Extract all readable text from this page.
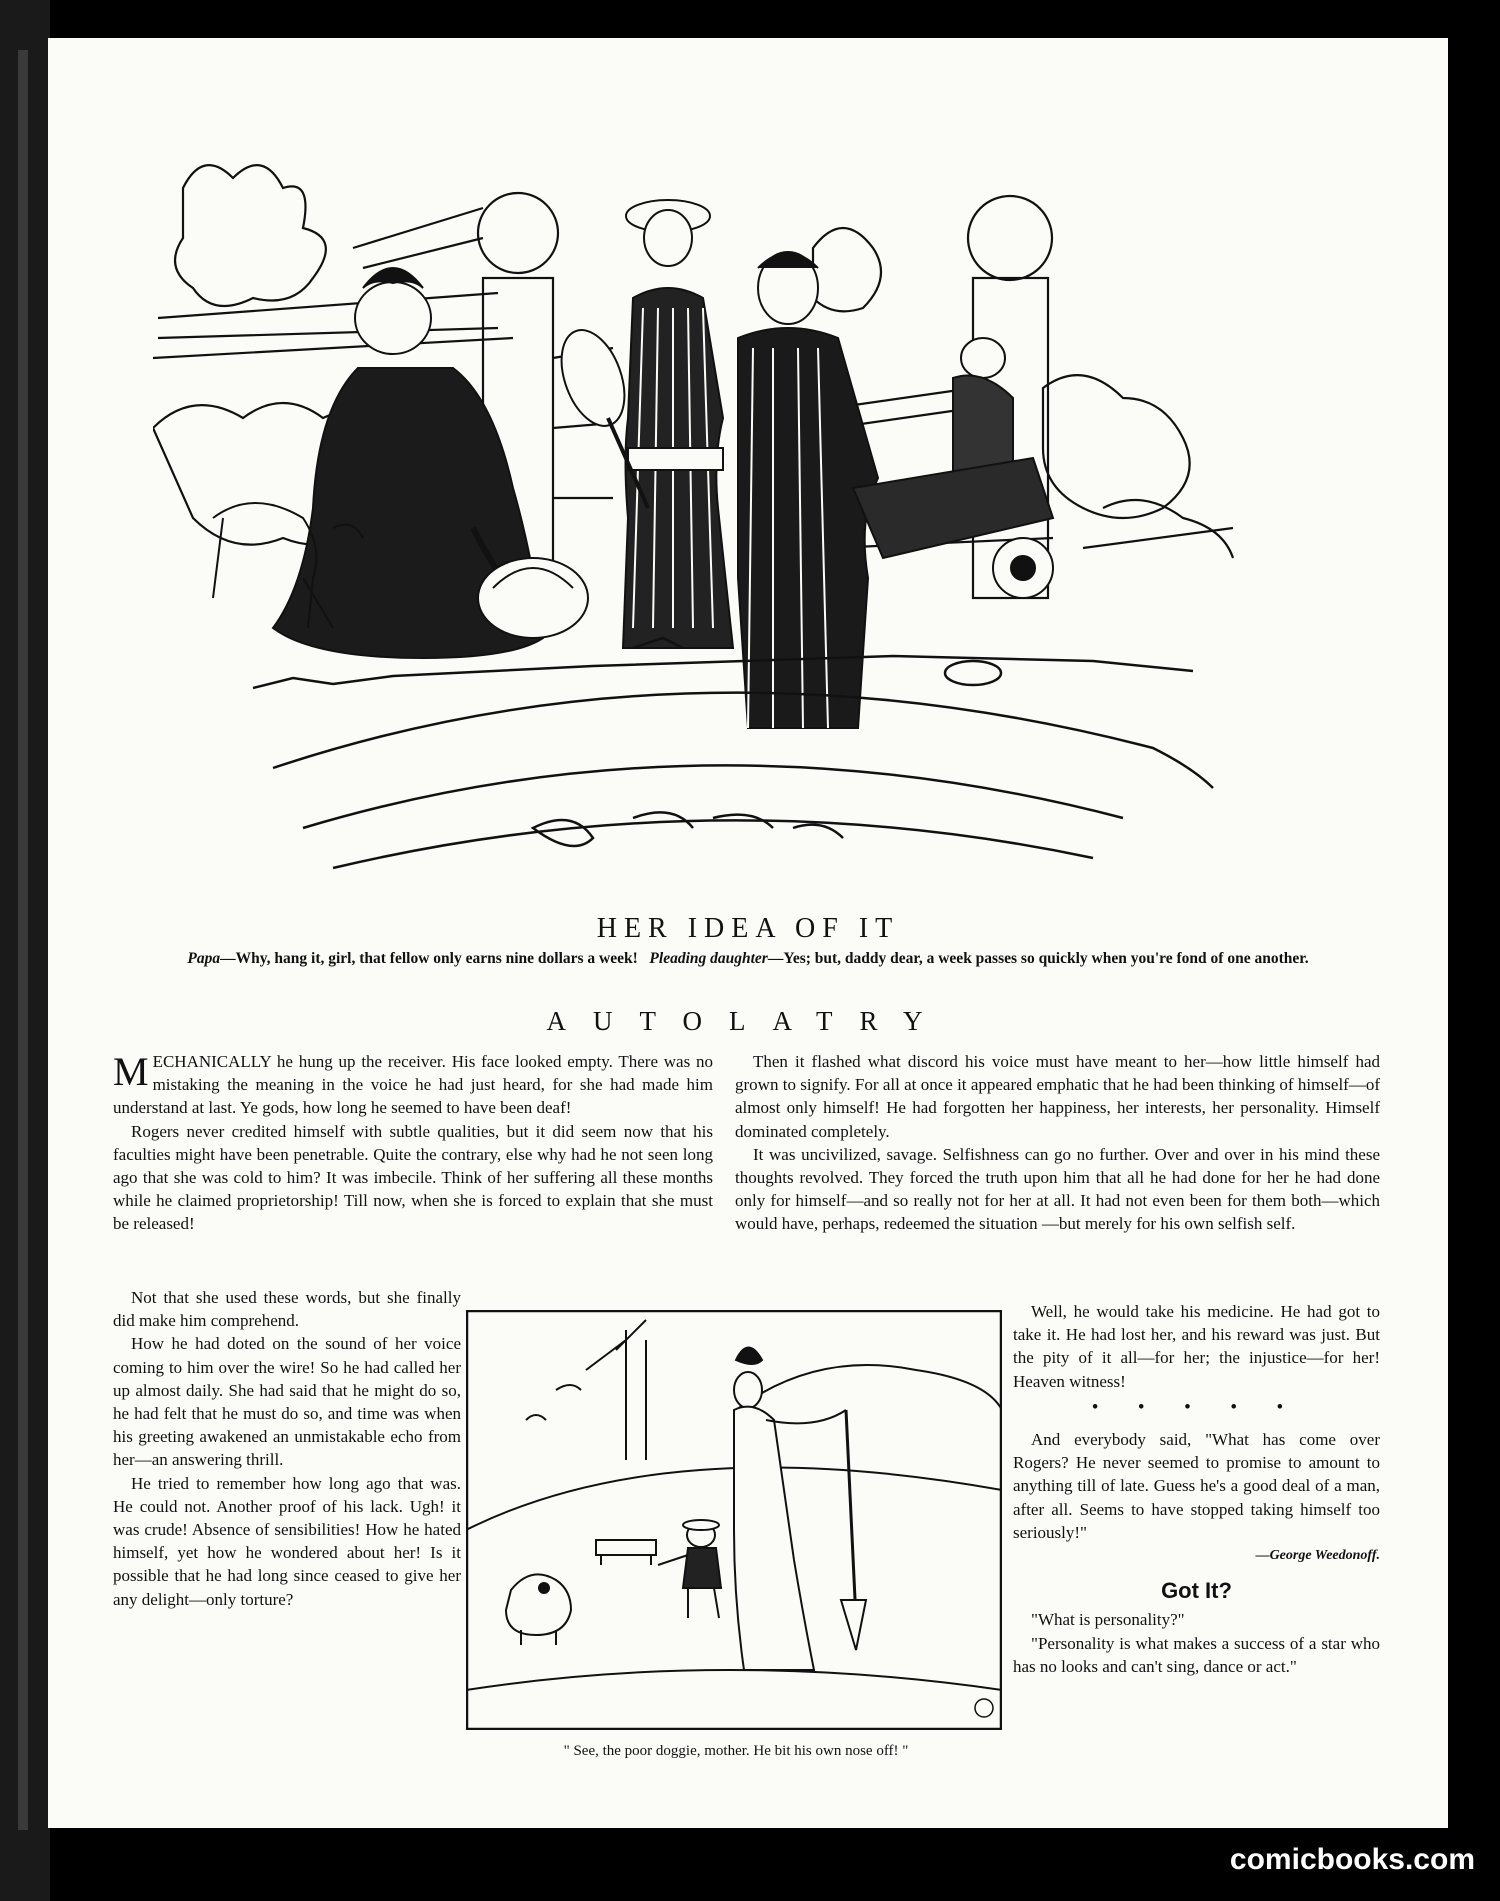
HER IDEA OF IT
Papa—Why, hang it, girl, that fellow only earns nine dollars a week! Pleading daughter—Yes; but, daddy dear, a week passes so quickly when you're fond of one another.
AUTOLATRY

MECHANICALLY he hung up the receiver. His face looked empty. There was no mistaking the meaning in the voice he had just heard, for she had made him understand at last. Ye gods, how long he seemed to have been deaf!

Rogers never credited himself with subtle qualities, but it did seem now that his faculties might have been penetrable. Quite the contrary, else why had he not seen long ago that she was cold to him? It was imbecile. Think of her suffering all these months while he claimed proprietorship! Till now, when she is forced to explain that she must be released!

Not that she used these words, but she finally did make him comprehend.

How he had doted on the sound of her voice coming to him over the wire! So he had called her up almost daily. She had said that he might do so, he had felt that he must do so, and time was when his greeting awakened an unmistakable echo from her—an answering thrill.

He tried to remember how long ago that was. He could not. Another proof of his lack. Ugh! it was crude! Absence of sensibilities! How he hated himself, yet how he wondered about her! Is it possible that he had long since ceased to give her any delight—only torture?

Then it flashed what discord his voice must have meant to her—how little himself had grown to signify. For all at once it appeared emphatic that he had been thinking of himself—of almost only himself! He had forgotten her happiness, her interests, her personality. Himself dominated completely.

It was uncivilized, savage. Selfishness can go no further. Over and over in his mind these thoughts revolved. They forced the truth upon him that all he had done for her he had done only for himself—and so really not for her at all. It had not even been for them both—which would have, perhaps, redeemed the situation —but merely for his own selfish self.

Well, he would take his medicine. He had got to take it. He had lost her, and his reward was just. But the pity of it all—for her; the injustice—for her! Heaven witness!

• • • • •

And everybody said, "What has come over Rogers? He never seemed to promise to amount to anything till of late. Guess he's a good deal of a man, after all. Seems to have stopped taking himself too seriously!"

—George Weedonoff.
Got It?

"What is personality?"

"Personality is what makes a success of a star who has no looks and can't sing, dance or act."

" See, the poor doggie, mother. He bit his own nose off! "
comicbooks.com
